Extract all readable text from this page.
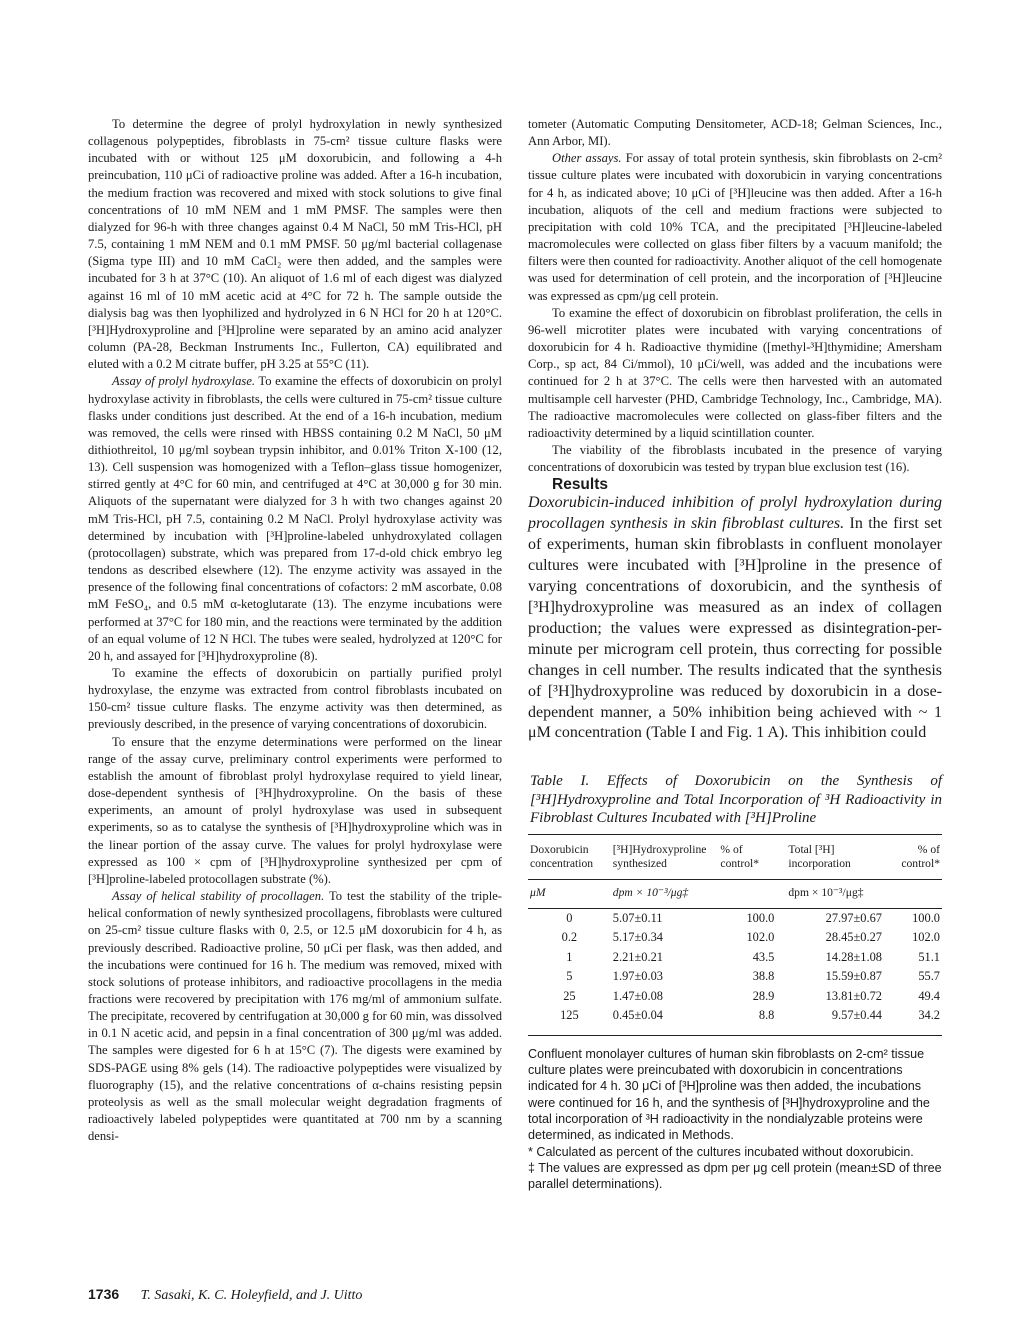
To determine the degree of prolyl hydroxylation in newly synthesized collagenous polypeptides, fibroblasts in 75-cm² tissue culture flasks were incubated with or without 125 μM doxorubicin, and following a 4-h preincubation, 110 μCi of radioactive proline was added. After a 16-h incubation, the medium fraction was recovered and mixed with stock solutions to give final concentrations of 10 mM NEM and 1 mM PMSF. The samples were then dialyzed for 96-h with three changes against 0.4 M NaCl, 50 mM Tris-HCl, pH 7.5, containing 1 mM NEM and 0.1 mM PMSF. 50 μg/ml bacterial collagenase (Sigma type III) and 10 mM CaCl₂ were then added, and the samples were incubated for 3 h at 37°C (10). An aliquot of 1.6 ml of each digest was dialyzed against 16 ml of 10 mM acetic acid at 4°C for 72 h. The sample outside the dialysis bag was then lyophilized and hydrolyzed in 6 N HCl for 20 h at 120°C. [³H]Hydroxyproline and [³H]proline were separated by an amino acid analyzer column (PA-28, Beckman Instruments Inc., Fullerton, CA) equilibrated and eluted with a 0.2 M citrate buffer, pH 3.25 at 55°C (11).

Assay of prolyl hydroxylase. To examine the effects of doxorubicin on prolyl hydroxylase activity in fibroblasts, the cells were cultured in 75-cm² tissue culture flasks under conditions just described. At the end of a 16-h incubation, medium was removed, the cells were rinsed with HBSS containing 0.2 M NaCl, 50 μM dithiothreitol, 10 μg/ml soybean trypsin inhibitor, and 0.01% Triton X-100 (12, 13). Cell suspension was homogenized with a Teflon–glass tissue homogenizer, stirred gently at 4°C for 60 min, and centrifuged at 4°C at 30,000 g for 30 min. Aliquots of the supernatant were dialyzed for 3 h with two changes against 20 mM Tris-HCl, pH 7.5, containing 0.2 M NaCl. Prolyl hydroxylase activity was determined by incubation with [³H]proline-labeled unhydroxylated collagen (protocollagen) substrate, which was prepared from 17-d-old chick embryo leg tendons as described elsewhere (12). The enzyme activity was assayed in the presence of the following final concentrations of cofactors: 2 mM ascorbate, 0.08 mM FeSO₄, and 0.5 mM α-ketoglutarate (13). The enzyme incubations were performed at 37°C for 180 min, and the reactions were terminated by the addition of an equal volume of 12 N HCl. The tubes were sealed, hydrolyzed at 120°C for 20 h, and assayed for [³H]hydroxyproline (8).

To examine the effects of doxorubicin on partially purified prolyl hydroxylase, the enzyme was extracted from control fibroblasts incubated on 150-cm² tissue culture flasks. The enzyme activity was then determined, as previously described, in the presence of varying concentrations of doxorubicin.

To ensure that the enzyme determinations were performed on the linear range of the assay curve, preliminary control experiments were performed to establish the amount of fibroblast prolyl hydroxylase required to yield linear, dose-dependent synthesis of [³H]hydroxyproline. On the basis of these experiments, an amount of prolyl hydroxylase was used in subsequent experiments, so as to catalyse the synthesis of [³H]hydroxyproline which was in the linear portion of the assay curve. The values for prolyl hydroxylase were expressed as 100 × cpm of [³H]hydroxyproline synthesized per cpm of [³H]proline-labeled protocollagen substrate (%).

Assay of helical stability of procollagen. To test the stability of the triple-helical conformation of newly synthesized procollagens, fibroblasts were cultured on 25-cm² tissue culture flasks with 0, 2.5, or 12.5 μM doxorubicin for 4 h, as previously described. Radioactive proline, 50 μCi per flask, was then added, and the incubations were continued for 16 h. The medium was removed, mixed with stock solutions of protease inhibitors, and radioactive procollagens in the media fractions were recovered by precipitation with 176 mg/ml of ammonium sulfate. The precipitate, recovered by centrifugation at 30,000 g for 60 min, was dissolved in 0.1 N acetic acid, and pepsin in a final concentration of 300 μg/ml was added. The samples were digested for 6 h at 15°C (7). The digests were examined by SDS-PAGE using 8% gels (14). The radioactive polypeptides were visualized by fluorography (15), and the relative concentrations of α-chains resisting pepsin proteolysis as well as the small molecular weight degradation fragments of radioactively labeled polypeptides were quantitated at 700 nm by a scanning densi-

tometer (Automatic Computing Densitometer, ACD-18; Gelman Sciences, Inc., Ann Arbor, MI).

Other assays. For assay of total protein synthesis, skin fibroblasts on 2-cm² tissue culture plates were incubated with doxorubicin in varying concentrations for 4 h, as indicated above; 10 μCi of [³H]leucine was then added. After a 16-h incubation, aliquots of the cell and medium fractions were subjected to precipitation with cold 10% TCA, and the precipitated [³H]leucine-labeled macromolecules were collected on glass fiber filters by a vacuum manifold; the filters were then counted for radioactivity. Another aliquot of the cell homogenate was used for determination of cell protein, and the incorporation of [³H]leucine was expressed as cpm/μg cell protein.

To examine the effect of doxorubicin on fibroblast proliferation, the cells in 96-well microtiter plates were incubated with varying concentrations of doxorubicin for 4 h. Radioactive thymidine ([methyl-³H]thymidine; Amersham Corp., sp act, 84 Ci/mmol), 10 μCi/well, was added and the incubations were continued for 2 h at 37°C. The cells were then harvested with an automated multisample cell harvester (PHD, Cambridge Technology, Inc., Cambridge, MA). The radioactive macromolecules were collected on glass-fiber filters and the radioactivity determined by a liquid scintillation counter.

The viability of the fibroblasts incubated in the presence of varying concentrations of doxorubicin was tested by trypan blue exclusion test (16).

Results

Doxorubicin-induced inhibition of prolyl hydroxylation during procollagen synthesis in skin fibroblast cultures. In the first set of experiments, human skin fibroblasts in confluent monolayer cultures were incubated with [³H]proline in the presence of varying concentrations of doxorubicin, and the synthesis of [³H]hydroxyproline was measured as an index of collagen production; the values were expressed as disintegration-per-minute per microgram cell protein, thus correcting for possible changes in cell number. The results indicated that the synthesis of [³H]hydroxyproline was reduced by doxorubicin in a dose-dependent manner, a 50% inhibition being achieved with ~ 1 μM concentration (Table I and Fig. 1 A). This inhibition could

Table I. Effects of Doxorubicin on the Synthesis of [³H]Hydroxyproline and Total Incorporation of ³H Radioactivity in Fibroblast Cultures Incubated with [³H]Proline
Doxorubicin concentration	[³H]Hydroxyproline synthesized	% of control*	Total [³H] incorporation	% of control*
μM	dpm × 10⁻³/μg‡		dpm × 10⁻³/μg‡	
0	5.07±0.11	100.0	27.97±0.67	100.0
0.2	5.17±0.34	102.0	28.45±0.27	102.0
1	2.21±0.21	43.5	14.28±1.08	51.1
5	1.97±0.03	38.8	15.59±0.87	55.7
25	1.47±0.08	28.9	13.81±0.72	49.4
125	0.45±0.04	8.8	9.57±0.44	34.2
Confluent monolayer cultures of human skin fibroblasts on 2-cm² tissue culture plates were preincubated with doxorubicin in concentrations indicated for 4 h. 30 μCi of [³H]proline was then added, the incubations were continued for 16 h, and the synthesis of [³H]hydroxyproline and the total incorporation of ³H radioactivity in the nondialyzable proteins were determined, as indicated in Methods.
* Calculated as percent of the cultures incubated without doxorubicin.
‡ The values are expressed as dpm per μg cell protein (mean±SD of three parallel determinations).
1736 T. Sasaki, K. C. Holeyfield, and J. Uitto
